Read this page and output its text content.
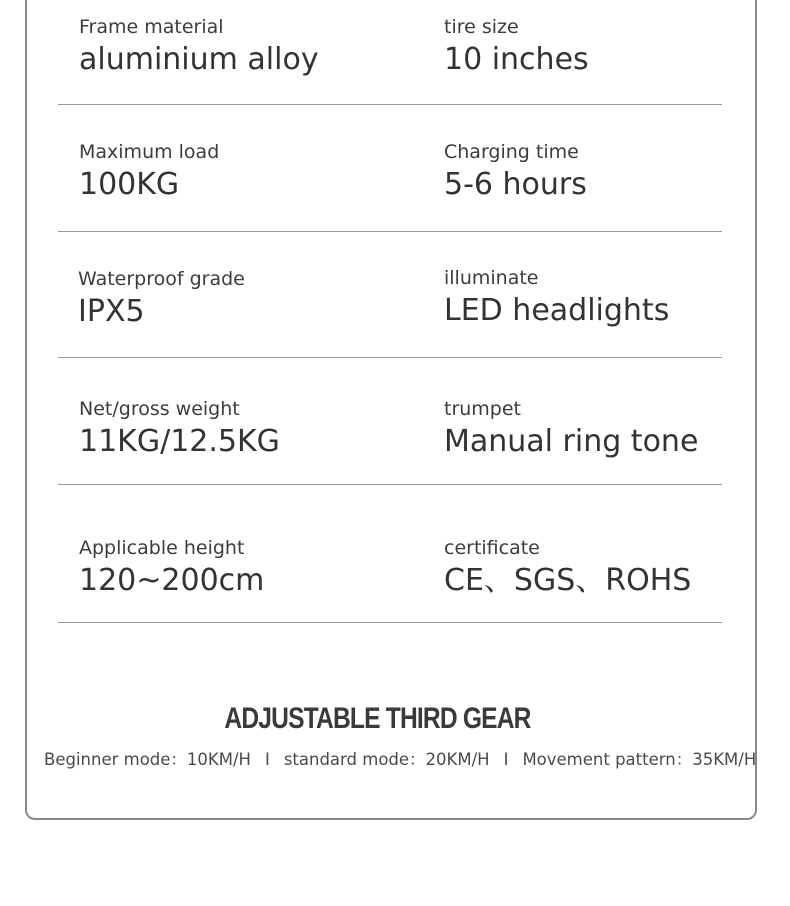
Frame material
aluminium alloy
tire size
10 inches
Maximum load
100KG
Charging time
5-6 hours
Waterproof grade
IPX5
illuminate
LED headlights
Net/gross weight
11KG/12.5KG
trumpet
Manual ring tone
Applicable height
120~200cm
certificate
CE、SGS、ROHS
ADJUSTABLE THIRD GEAR
Beginner mode：10KM/H I standard mode：20KM/H I Movement pattern：35KM/H
